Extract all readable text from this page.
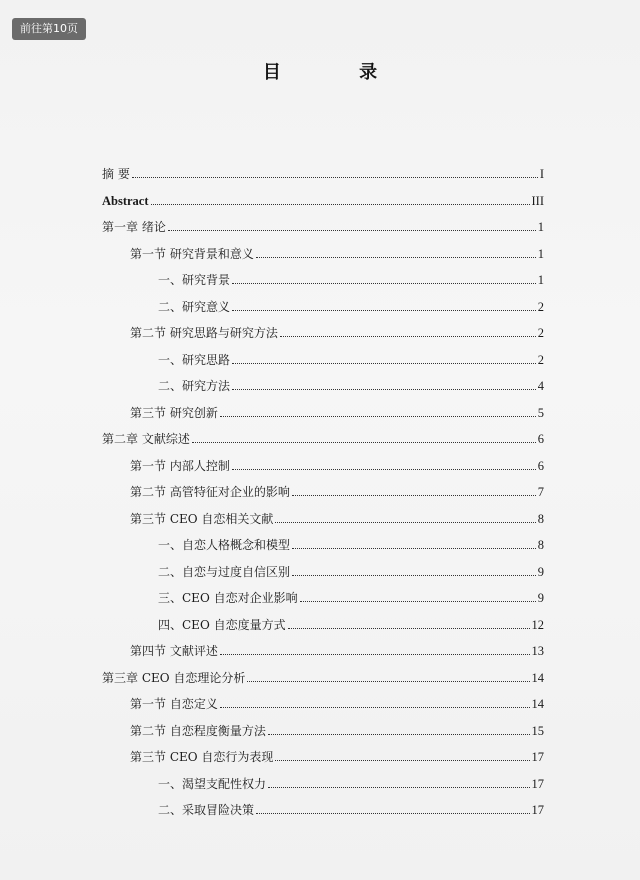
前往第10页
目 录
摘 要	I
Abstract	III
第一章 绪论	1
第一节 研究背景和意义	1
一、研究背景	1
二、研究意义	2
第二节 研究思路与研究方法	2
一、研究思路	2
二、研究方法	4
第三节 研究创新	5
第二章 文献综述	6
第一节 内部人控制	6
第二节 高管特征对企业的影响	7
第三节 CEO 自恋相关文献	8
一、自恋人格概念和模型	8
二、自恋与过度自信区别	9
三、CEO 自恋对企业影响	9
四、CEO 自恋度量方式	12
第四节 文献评述	13
第三章 CEO 自恋理论分析	14
第一节 自恋定义	14
第二节 自恋程度衡量方法	15
第三节 CEO 自恋行为表现	17
一、渴望支配性权力	17
二、采取冒险决策	17
